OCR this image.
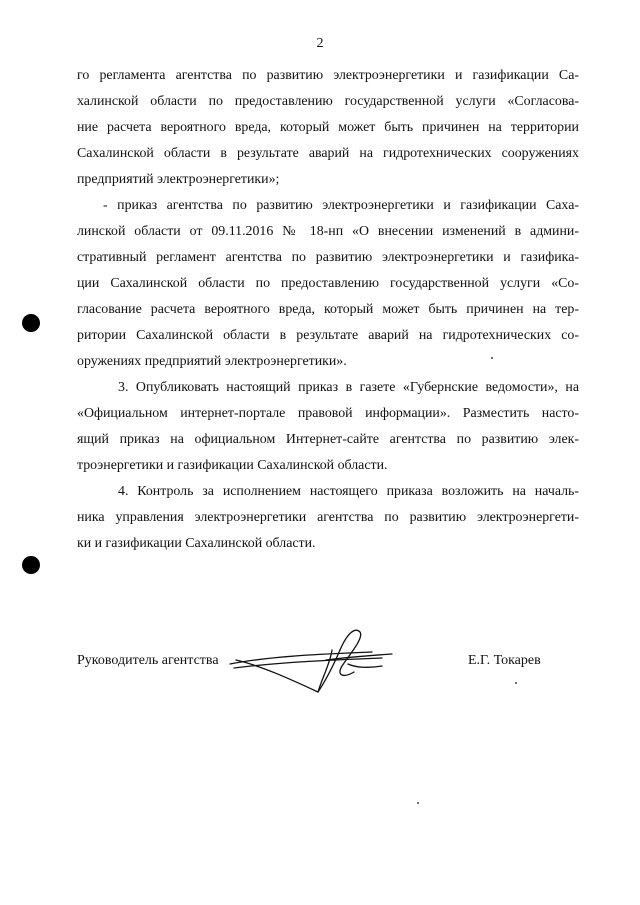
2
го регламента агентства по развитию электроэнергетики и газификации Са-
халинской области по предоставлению государственной услуги «Согласова-
ние расчета вероятного вреда, который может быть причинен на территории
Сахалинской области в результате аварий на гидротехнических сооружениях
предприятий электроэнергетики»;
- приказ агентства по развитию электроэнергетики и газификации Саха-
линской области от 09.11.2016 № 18-нп «О внесении изменений в админи-
стративный регламент агентства по развитию электроэнергетики и газифика-
ции Сахалинской области по предоставлению государственной услуги «Со-
гласование расчета вероятного вреда, который может быть причинен на тер-
ритории Сахалинской области в результате аварий на гидротехнических со-
оружениях предприятий электроэнергетики».
3. Опубликовать настоящий приказ в газете «Губернские ведомости», на
«Официальном интернет-портале правовой информации». Разместить насто-
ящий приказ на официальном Интернет-сайте агентства по развитию элек-
троэнергетики и газификации Сахалинской области.
4. Контроль за исполнением настоящего приказа возложить на началь-
ника управления электроэнергетики агентства по развитию электроэнергети-
ки и газификации Сахалинской области.
Руководитель агентства	Е.Г. Токарев
